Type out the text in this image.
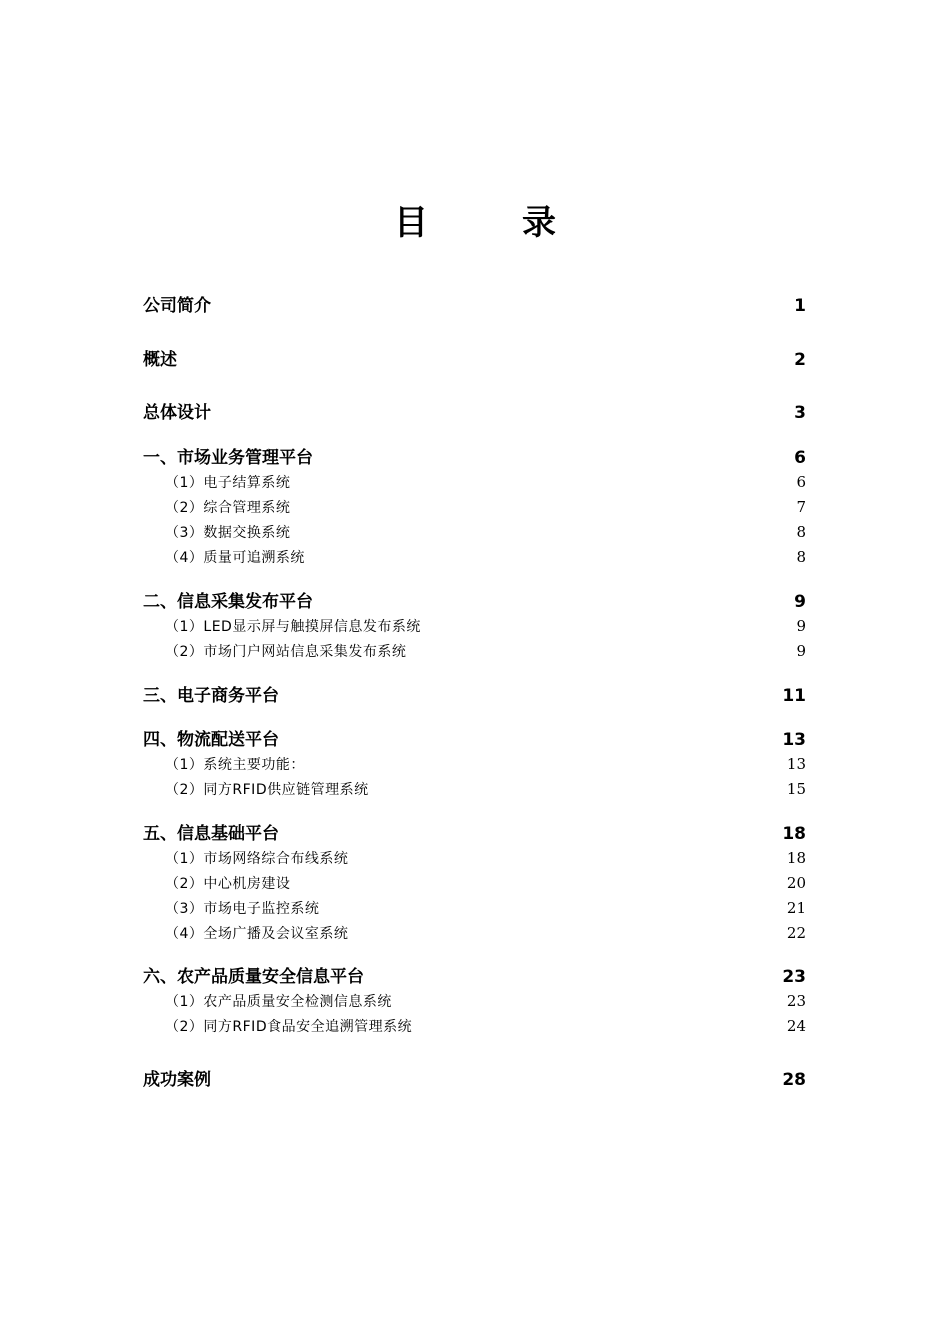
目　录
公司简介	1
概述	2
总体设计	3
一、市场业务管理平台	6
（1）电子结算系统	6
（2）综合管理系统	7
（3）数据交换系统	8
（4）质量可追溯系统	8
二、信息采集发布平台	9
（1）LED显示屏与触摸屏信息发布系统	9
（2）市场门户网站信息采集发布系统	9
三、电子商务平台	11
四、物流配送平台	13
（1）系统主要功能：	13
（2）同方RFID供应链管理系统	15
五、信息基础平台	18
（1）市场网络综合布线系统	18
（2）中心机房建设	20
（3）市场电子监控系统	21
（4）全场广播及会议室系统	22
六、农产品质量安全信息平台	23
（1）农产品质量安全检测信息系统	23
（2）同方RFID食品安全追溯管理系统	24
成功案例	28
